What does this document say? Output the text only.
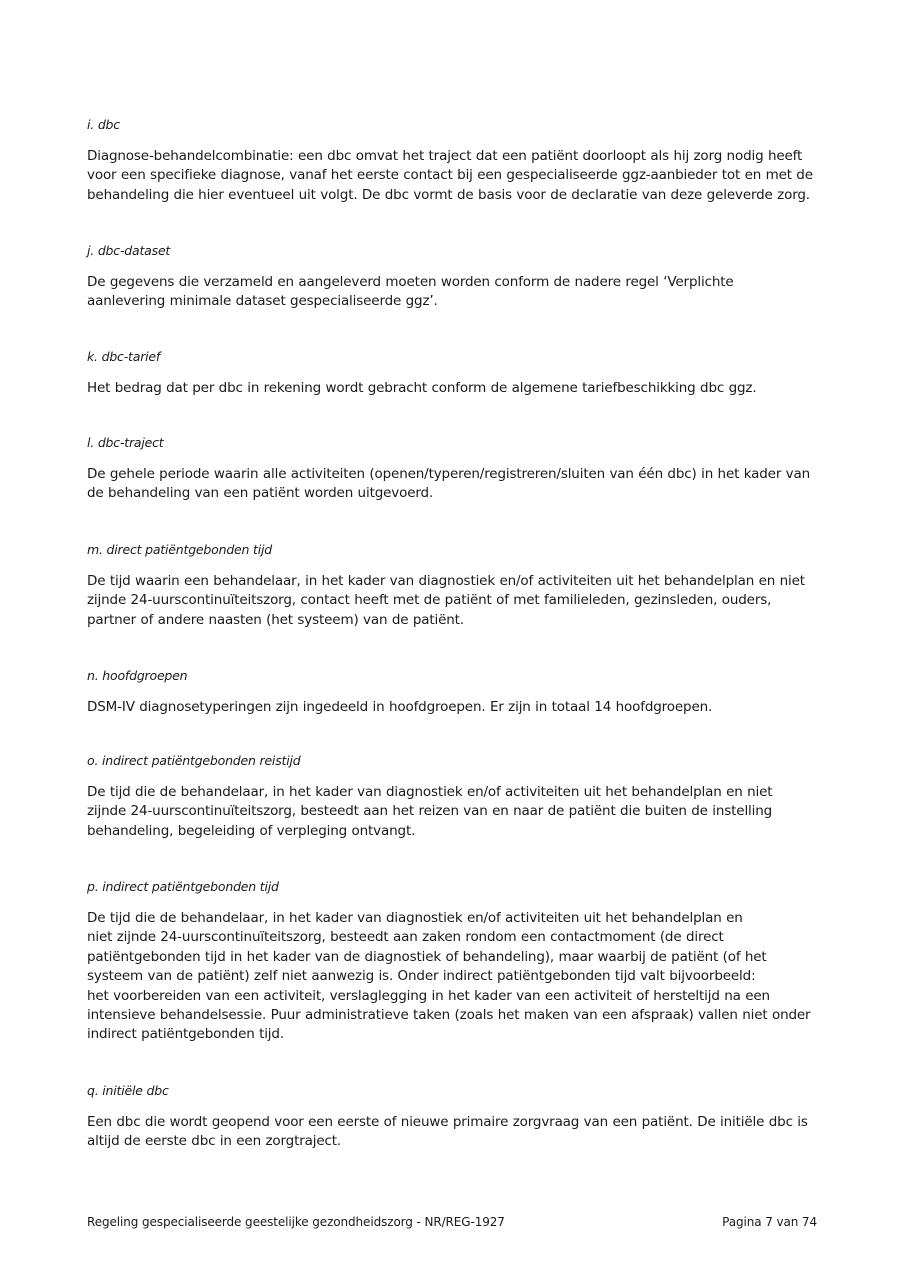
i. dbc

Diagnose-behandelcombinatie: een dbc omvat het traject dat een patiënt doorloopt als hij zorg nodig heeft
voor een specifieke diagnose, vanaf het eerste contact bij een gespecialiseerde ggz-aanbieder tot en met de
behandeling die hier eventueel uit volgt. De dbc vormt de basis voor de declaratie van deze geleverde zorg.

j. dbc-dataset

De gegevens die verzameld en aangeleverd moeten worden conform de nadere regel ‘Verplichte
aanlevering minimale dataset gespecialiseerde ggz’.

k. dbc-tarief

Het bedrag dat per dbc in rekening wordt gebracht conform de algemene tariefbeschikking dbc ggz.

l. dbc-traject

De gehele periode waarin alle activiteiten (openen/typeren/registreren/sluiten van één dbc) in het kader van
de behandeling van een patiënt worden uitgevoerd.

m. direct patiëntgebonden tijd

De tijd waarin een behandelaar, in het kader van diagnostiek en/of activiteiten uit het behandelplan en niet
zijnde 24-uurscontinuïteitszorg, contact heeft met de patiënt of met familieleden, gezinsleden, ouders,
partner of andere naasten (het systeem) van de patiënt.

n. hoofdgroepen

DSM-IV diagnosetyperingen zijn ingedeeld in hoofdgroepen. Er zijn in totaal 14 hoofdgroepen.

o. indirect patiëntgebonden reistijd

De tijd die de behandelaar, in het kader van diagnostiek en/of activiteiten uit het behandelplan en niet
zijnde 24-uurscontinuïteitszorg, besteedt aan het reizen van en naar de patiënt die buiten de instelling
behandeling, begeleiding of verpleging ontvangt.

p. indirect patiëntgebonden tijd

De tijd die de behandelaar, in het kader van diagnostiek en/of activiteiten uit het behandelplan en
niet zijnde 24-uurscontinuïteitszorg, besteedt aan zaken rondom een contactmoment (de direct
patiëntgebonden tijd in het kader van de diagnostiek of behandeling), maar waarbij de patiënt (of het
systeem van de patiënt) zelf niet aanwezig is. Onder indirect patiëntgebonden tijd valt bijvoorbeeld:
het voorbereiden van een activiteit, verslaglegging in het kader van een activiteit of hersteltijd na een
intensieve behandelsessie. Puur administratieve taken (zoals het maken van een afspraak) vallen niet onder
indirect patiëntgebonden tijd.

q. initiële dbc

Een dbc die wordt geopend voor een eerste of nieuwe primaire zorgvraag van een patiënt. De initiële dbc is
altijd de eerste dbc in een zorgtraject.

Regeling gespecialiseerde geestelijke gezondheidszorg - NR/REG-1927	Pagina 7 van 74
